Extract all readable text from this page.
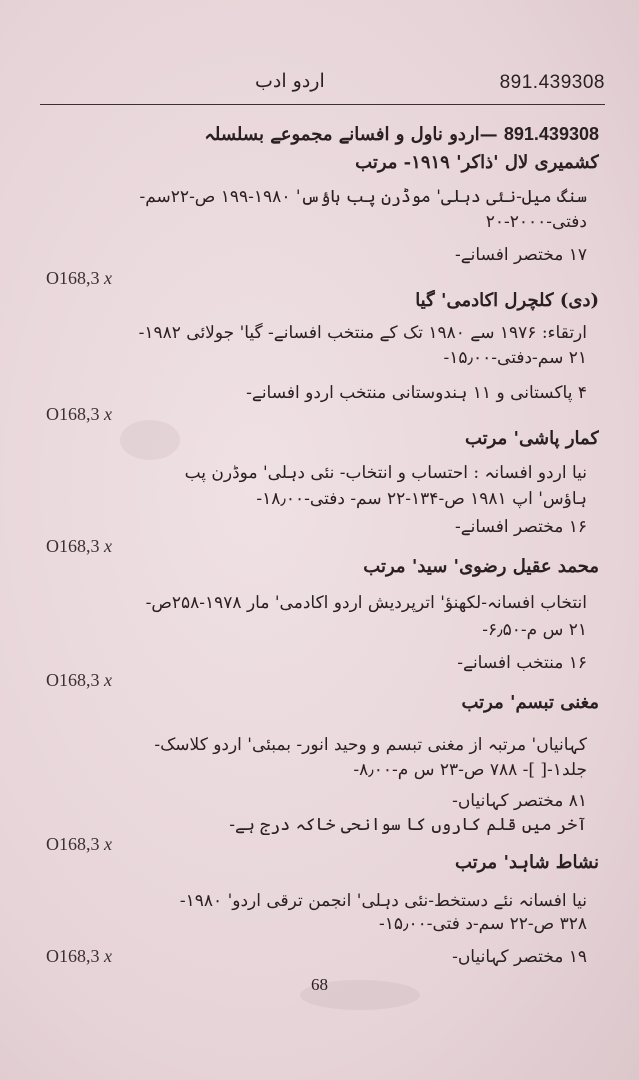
اردو ادب	891.439308
891.439308 —اردو ناول و افسانے مجموعے بسلسلہ
کشمیری لال 'ذاکر' ۱۹۱۹- مرتب
سنگ میل-نئی دہلی' موڈرن پب ہاؤس' ۱۹۸۰-۱۹۹ ص-۲۲سم-
دفتی-۲۰۰۰-۲۰
۱۷ مختصر افسانے-
O168,3 x
(دی) کلچرل اکادمی' گیا
ارتقاء: ۱۹۷۶ سے ۱۹۸۰ تک کے منتخب افسانے- گیا' جولائی ۱۹۸۲-
۲۱ سم-دفتی-۱۵٫۰۰-
۴ پاکستانی و ۱۱ ہندوستانی منتخب اردو افسانے-
O168,3 x
کمار پاشی' مرتب
نیا اردو افسانہ : احتساب و انتخاب- نئی دہلی' موڈرن پب
ہاؤس' اپ ۱۹۸۱ ص-۱۳۴-۲۲ سم- دفتی-۱۸٫۰۰-
۱۶ مختصر افسانے-
O168,3 x
محمد عقیل رضوی' سید' مرتب
انتخاب افسانہ-لکھنؤ' اترپردیش اردو اکادمی' مار ۱۹۷۸-۲۵۸ص-
۲۱ س م-۶٫۵۰-
۱۶ منتخب افسانے-
O168,3 x
مغنی تبسم' مرتب
کہانیاں' مرتبہ از مغنی تبسم و وحید انور- بمبئی' اردو کلاسک-
جلد۱-[ ]- ۷۸۸ ص-۲۳ س م-۸٫۰۰-
۸۱ مختصر کہانیاں-
آخر میں قلم کاروں کا سوانحی خاکہ درج ہے-
O168,3 x
نشاط شاہد' مرتب
نیا افسانہ نئے دستخط-نئی دہلی' انجمن ترقی اردو' ۱۹۸۰-
۳۲۸ ص-۲۲ سم-د فتی-۱۵٫۰۰-
۱۹ مختصر کہانیاں-
O168,3 x
68
